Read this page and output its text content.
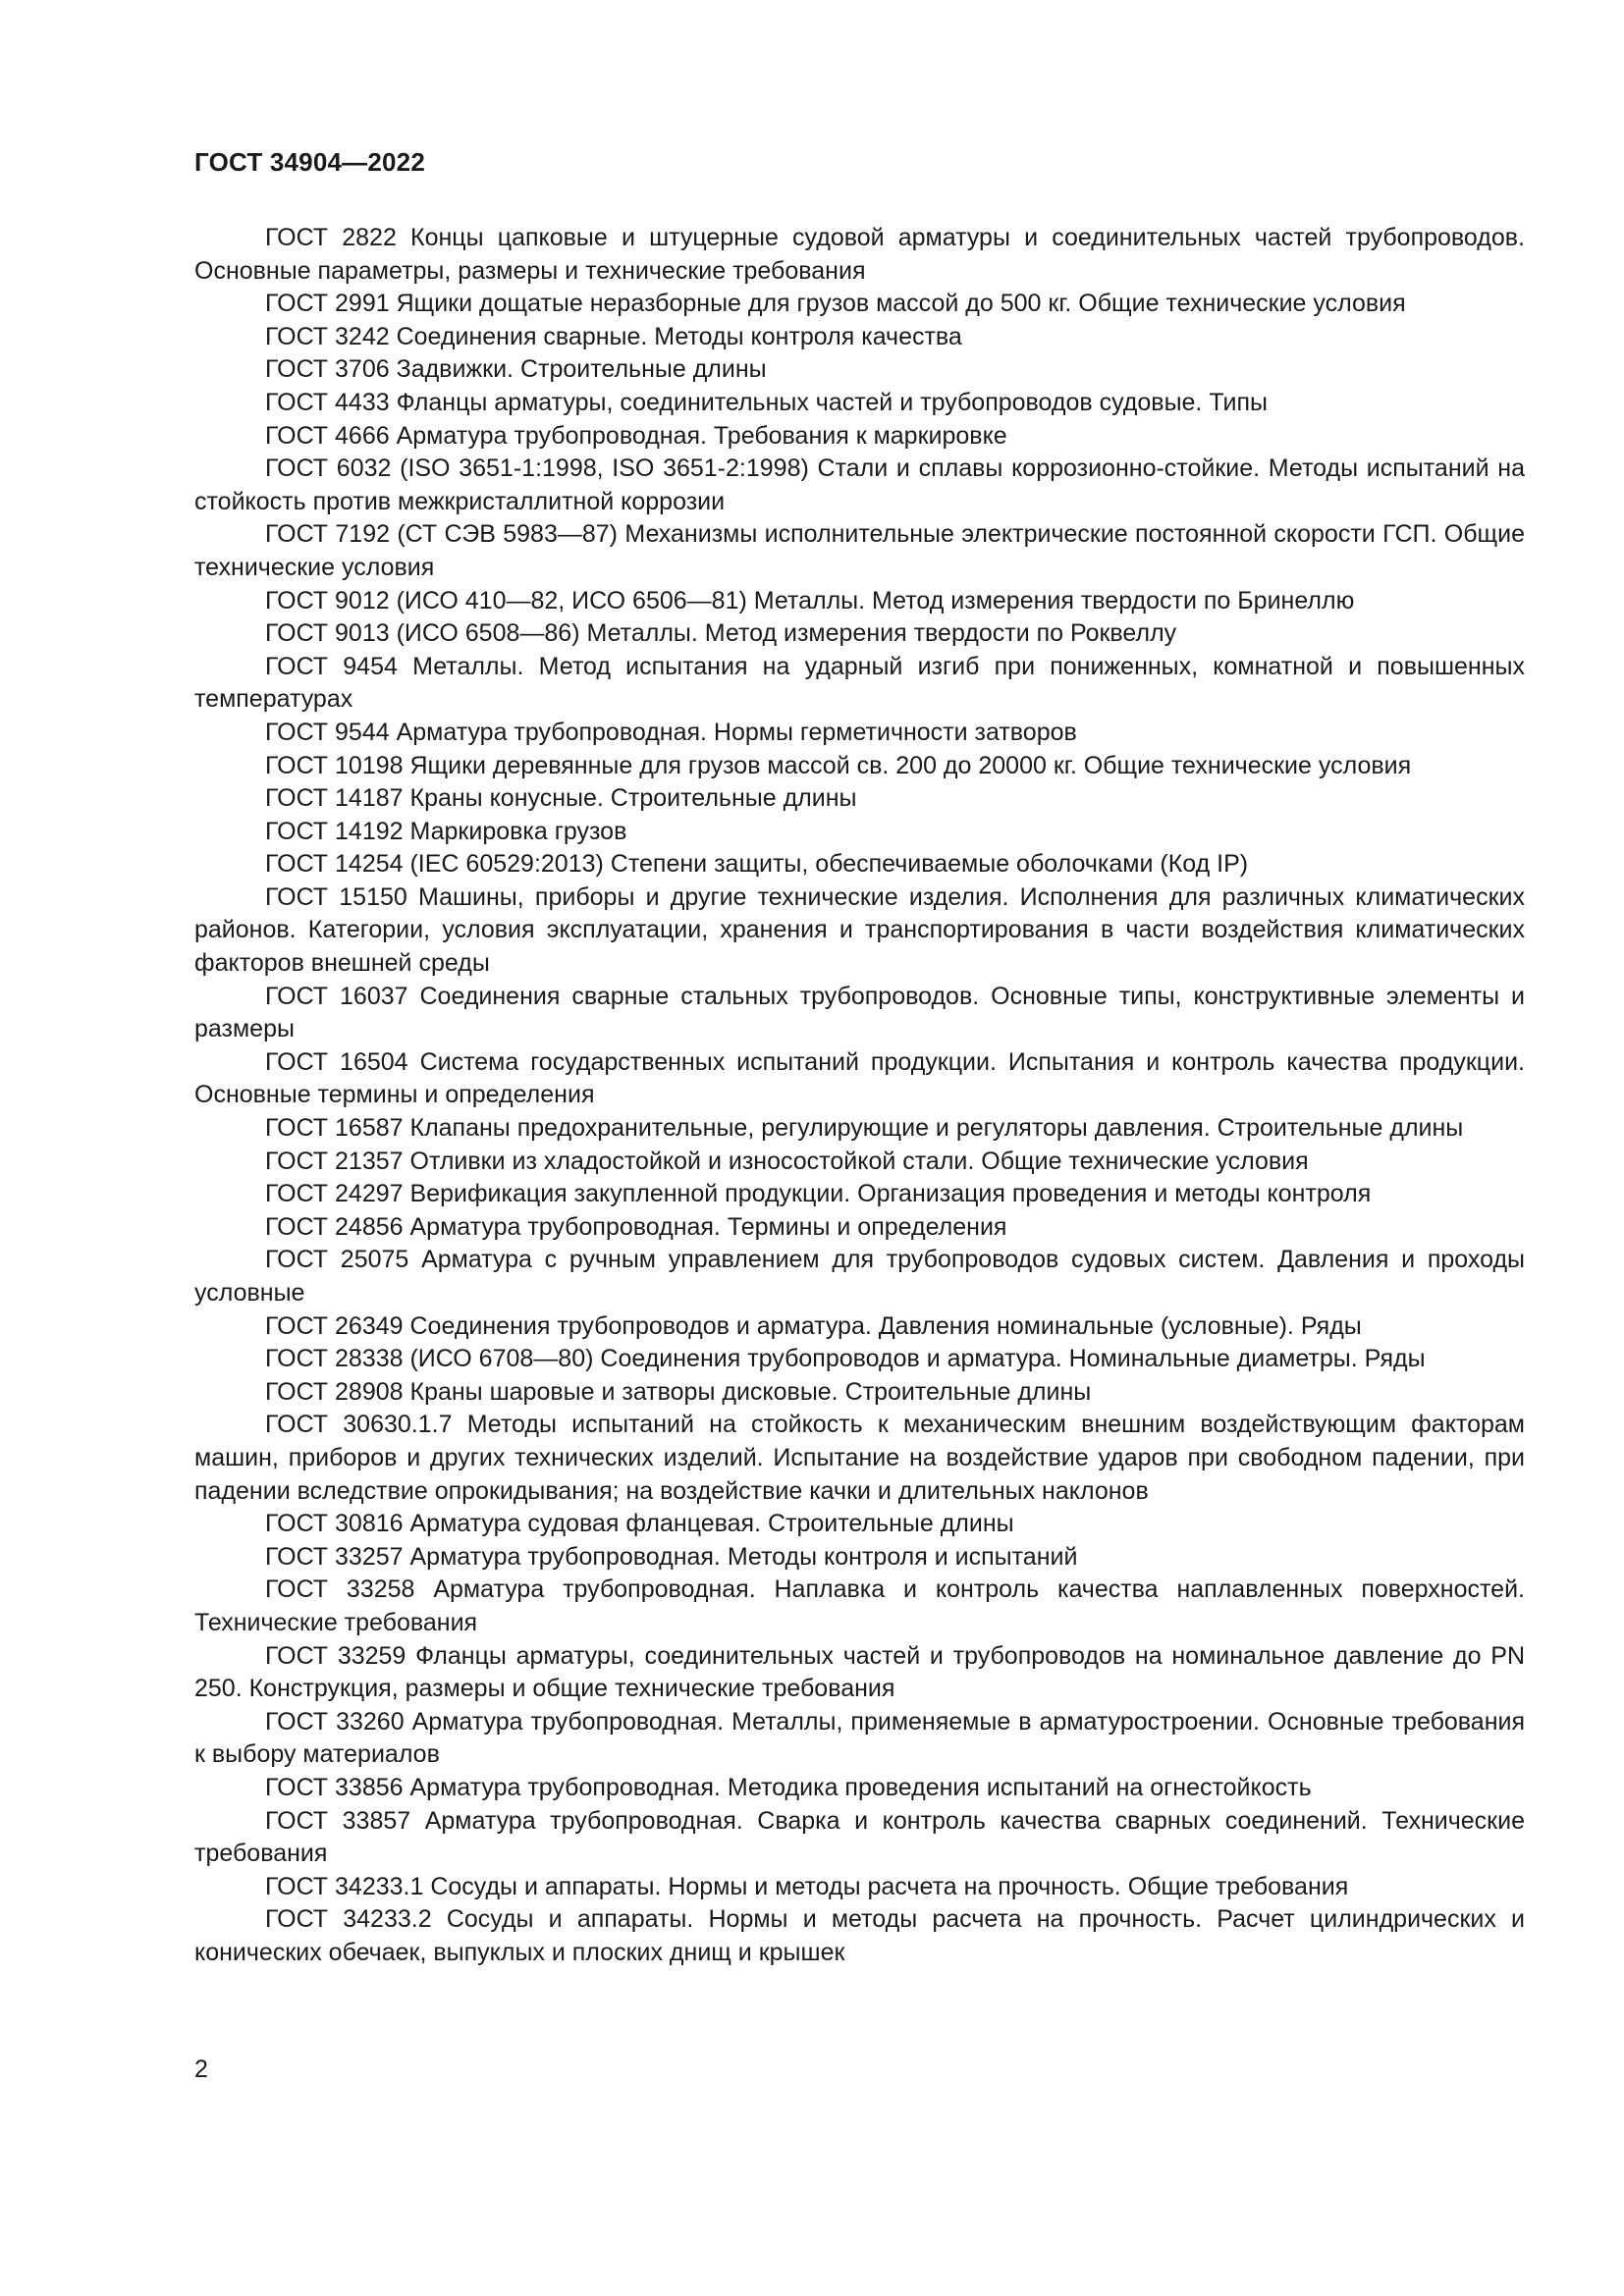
ГОСТ 34904—2022

ГОСТ 2822 Концы цапковые и штуцерные судовой арматуры и соединительных частей трубопроводов. Основные параметры, размеры и технические требования

ГОСТ 2991 Ящики дощатые неразборные для грузов массой до 500 кг. Общие технические условия

ГОСТ 3242 Соединения сварные. Методы контроля качества

ГОСТ 3706 Задвижки. Строительные длины

ГОСТ 4433 Фланцы арматуры, соединительных частей и трубопроводов судовые. Типы

ГОСТ 4666 Арматура трубопроводная. Требования к маркировке

ГОСТ 6032 (ISO 3651-1:1998, ISO 3651-2:1998) Стали и сплавы коррозионно-стойкие. Методы испытаний на стойкость против межкристаллитной коррозии

ГОСТ 7192 (СТ СЭВ 5983—87) Механизмы исполнительные электрические постоянной скорости ГСП. Общие технические условия

ГОСТ 9012 (ИСО 410—82, ИСО 6506—81) Металлы. Метод измерения твердости по Бринеллю

ГОСТ 9013 (ИСО 6508—86) Металлы. Метод измерения твердости по Роквеллу

ГОСТ 9454 Металлы. Метод испытания на ударный изгиб при пониженных, комнатной и повышенных температурах

ГОСТ 9544 Арматура трубопроводная. Нормы герметичности затворов

ГОСТ 10198 Ящики деревянные для грузов массой св. 200 до 20000 кг. Общие технические условия

ГОСТ 14187 Краны конусные. Строительные длины

ГОСТ 14192 Маркировка грузов

ГОСТ 14254 (IEC 60529:2013) Степени защиты, обеспечиваемые оболочками (Код IP)

ГОСТ 15150 Машины, приборы и другие технические изделия. Исполнения для различных климатических районов. Категории, условия эксплуатации, хранения и транспортирования в части воздействия климатических факторов внешней среды

ГОСТ 16037 Соединения сварные стальных трубопроводов. Основные типы, конструктивные элементы и размеры

ГОСТ 16504 Система государственных испытаний продукции. Испытания и контроль качества продукции. Основные термины и определения

ГОСТ 16587 Клапаны предохранительные, регулирующие и регуляторы давления. Строительные длины

ГОСТ 21357 Отливки из хладостойкой и износостойкой стали. Общие технические условия

ГОСТ 24297 Верификация закупленной продукции. Организация проведения и методы контроля

ГОСТ 24856 Арматура трубопроводная. Термины и определения

ГОСТ 25075 Арматура с ручным управлением для трубопроводов судовых систем. Давления и проходы условные

ГОСТ 26349 Соединения трубопроводов и арматура. Давления номинальные (условные). Ряды

ГОСТ 28338 (ИСО 6708—80) Соединения трубопроводов и арматура. Номинальные диаметры. Ряды

ГОСТ 28908 Краны шаровые и затворы дисковые. Строительные длины

ГОСТ 30630.1.7 Методы испытаний на стойкость к механическим внешним воздействующим факторам машин, приборов и других технических изделий. Испытание на воздействие ударов при свободном падении, при падении вследствие опрокидывания; на воздействие качки и длительных наклонов

ГОСТ 30816 Арматура судовая фланцевая. Строительные длины

ГОСТ 33257 Арматура трубопроводная. Методы контроля и испытаний

ГОСТ 33258 Арматура трубопроводная. Наплавка и контроль качества наплавленных поверхностей. Технические требования

ГОСТ 33259 Фланцы арматуры, соединительных частей и трубопроводов на номинальное давление до PN 250. Конструкция, размеры и общие технические требования

ГОСТ 33260 Арматура трубопроводная. Металлы, применяемые в арматуростроении. Основные требования к выбору материалов

ГОСТ 33856 Арматура трубопроводная. Методика проведения испытаний на огнестойкость

ГОСТ 33857 Арматура трубопроводная. Сварка и контроль качества сварных соединений. Технические требования

ГОСТ 34233.1 Сосуды и аппараты. Нормы и методы расчета на прочность. Общие требования

ГОСТ 34233.2 Сосуды и аппараты. Нормы и методы расчета на прочность. Расчет цилиндрических и конических обечаек, выпуклых и плоских днищ и крышек

2
